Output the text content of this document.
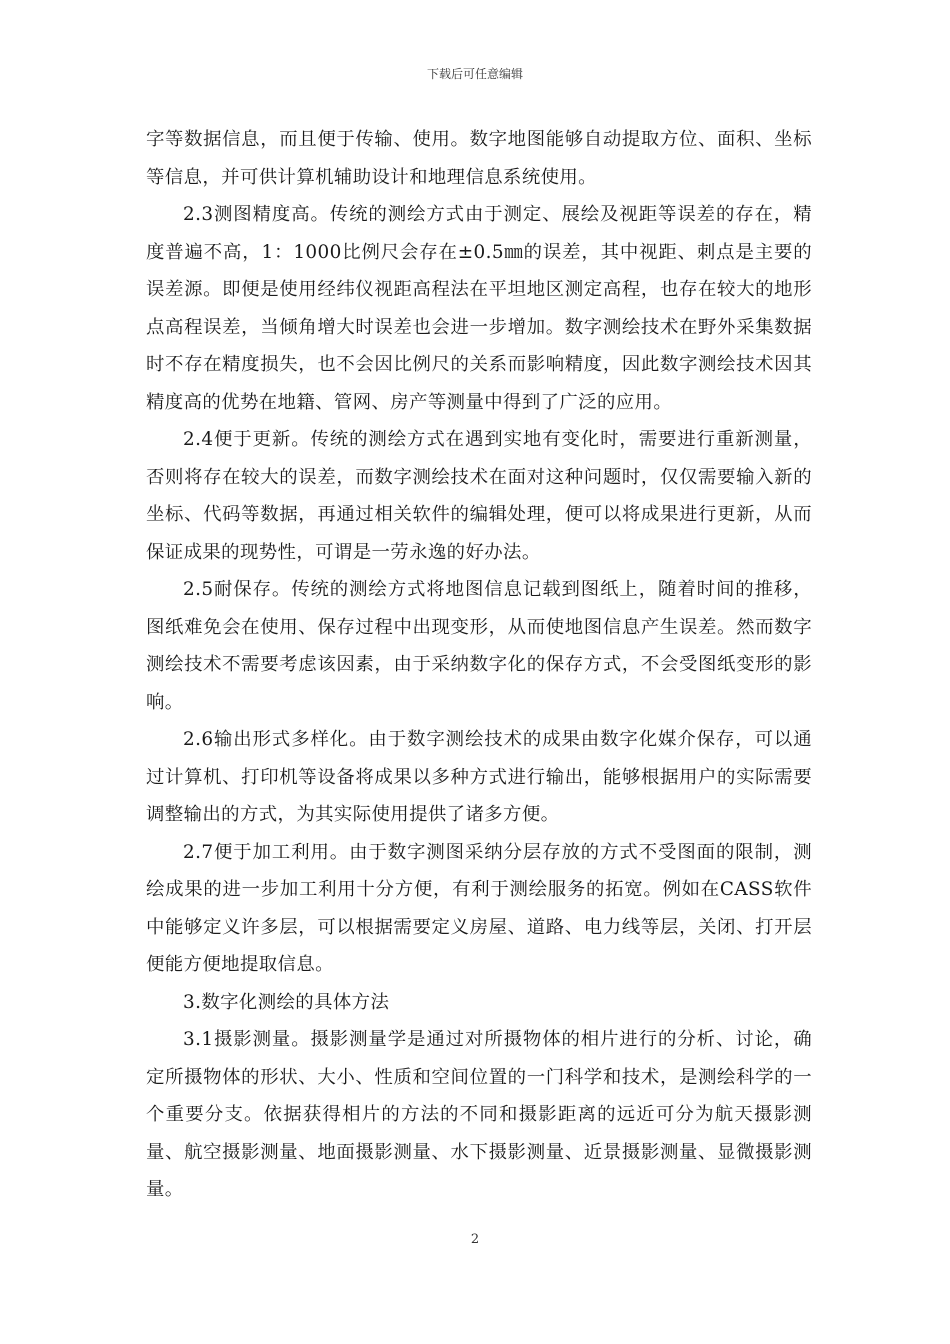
下载后可任意编辑

字等数据信息，而且便于传输、使用。数字地图能够自动提取方位、面积、坐标等信息，并可供计算机辅助设计和地理信息系统使用。

2.3测图精度高。传统的测绘方式由于测定、展绘及视距等误差的存在，精度普遍不高，1：1000比例尺会存在±0.5㎜的误差，其中视距、刺点是主要的误差源。即便是使用经纬仪视距高程法在平坦地区测定高程，也存在较大的地形点高程误差，当倾角增大时误差也会进一步增加。数字测绘技术在野外采集数据时不存在精度损失，也不会因比例尺的关系而影响精度，因此数字测绘技术因其精度高的优势在地籍、管网、房产等测量中得到了广泛的应用。

2.4便于更新。传统的测绘方式在遇到实地有变化时，需要进行重新测量，否则将存在较大的误差，而数字测绘技术在面对这种问题时，仅仅需要输入新的坐标、代码等数据，再通过相关软件的编辑处理，便可以将成果进行更新，从而保证成果的现势性，可谓是一劳永逸的好办法。

2.5耐保存。传统的测绘方式将地图信息记载到图纸上，随着时间的推移，图纸难免会在使用、保存过程中出现变形，从而使地图信息产生误差。然而数字测绘技术不需要考虑该因素，由于采纳数字化的保存方式，不会受图纸变形的影响。

2.6输出形式多样化。由于数字测绘技术的成果由数字化媒介保存，可以通过计算机、打印机等设备将成果以多种方式进行输出，能够根据用户的实际需要调整输出的方式，为其实际使用提供了诸多方便。

2.7便于加工利用。由于数字测图采纳分层存放的方式不受图面的限制，测绘成果的进一步加工利用十分方便，有利于测绘服务的拓宽。例如在CASS软件中能够定义许多层，可以根据需要定义房屋、道路、电力线等层，关闭、打开层便能方便地提取信息。

3.数字化测绘的具体方法

3.1摄影测量。摄影测量学是通过对所摄物体的相片进行的分析、讨论，确定所摄物体的形状、大小、性质和空间位置的一门科学和技术，是测绘科学的一个重要分支。依据获得相片的方法的不同和摄影距离的远近可分为航天摄影测量、航空摄影测量、地面摄影测量、水下摄影测量、近景摄影测量、显微摄影测量。

2
